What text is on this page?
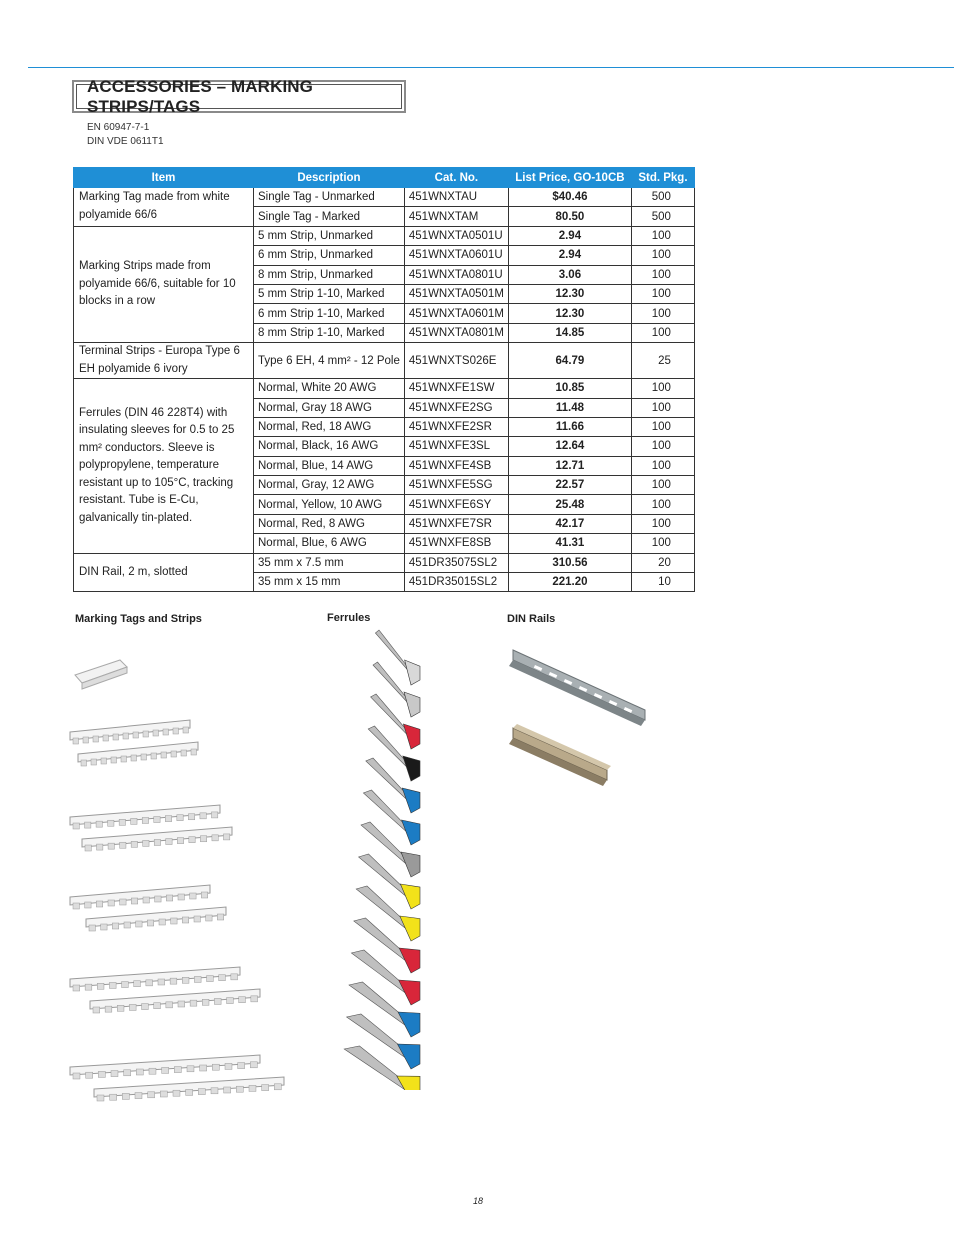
ACCESSORIES – MARKING STRIPS/TAGS
EN 60947-7-1
DIN VDE 0611T1
Item	Description	Cat. No.	List Price, GO-10CB	Std. Pkg.
Marking Tag made from white polyamide 66/6	Single Tag - Unmarked	451WNXTAU	$40.46	500
	Single Tag - Marked	451WNXTAM	80.50	500
Marking Strips made from polyamide 66/6, suitable for 10 blocks in a row	5 mm Strip, Unmarked	451WNXTA0501U	2.94	100
	6 mm Strip, Unmarked	451WNXTA0601U	2.94	100
	8 mm Strip, Unmarked	451WNXTA0801U	3.06	100
	5 mm Strip 1-10, Marked	451WNXTA0501M	12.30	100
	6 mm Strip 1-10, Marked	451WNXTA0601M	12.30	100
	8 mm Strip 1-10, Marked	451WNXTA0801M	14.85	100
Terminal Strips - Europa Type 6 EH polyamide 6 ivory	Type 6 EH, 4 mm² - 12 Pole	451WNXTS026E	64.79	25
Ferrules (DIN 46 228T4) with insulating sleeves for 0.5 to 25 mm² conductors. Sleeve is polypropylene, temperature resistant up to 105°C, tracking resistant. Tube is E-Cu, galvanically tin-plated.	Normal, White 20 AWG	451WNXFE1SW	10.85	100
	Normal, Gray 18 AWG	451WNXFE2SG	11.48	100
	Normal, Red, 18 AWG	451WNXFE2SR	11.66	100
	Normal, Black, 16 AWG	451WNXFE3SL	12.64	100
	Normal, Blue, 14 AWG	451WNXFE4SB	12.71	100
	Normal, Gray, 12 AWG	451WNXFE5SG	22.57	100
	Normal, Yellow, 10 AWG	451WNXFE6SY	25.48	100
	Normal, Red, 8 AWG	451WNXFE7SR	42.17	100
	Normal, Blue, 6 AWG	451WNXFE8SB	41.31	100
DIN Rail, 2 m, slotted	35 mm x 7.5 mm	451DR35075SL2	310.56	20
	35 mm x 15 mm	451DR35015SL2	221.20	10
Marking Tags and Strips	Ferrules	DIN Rails
18
